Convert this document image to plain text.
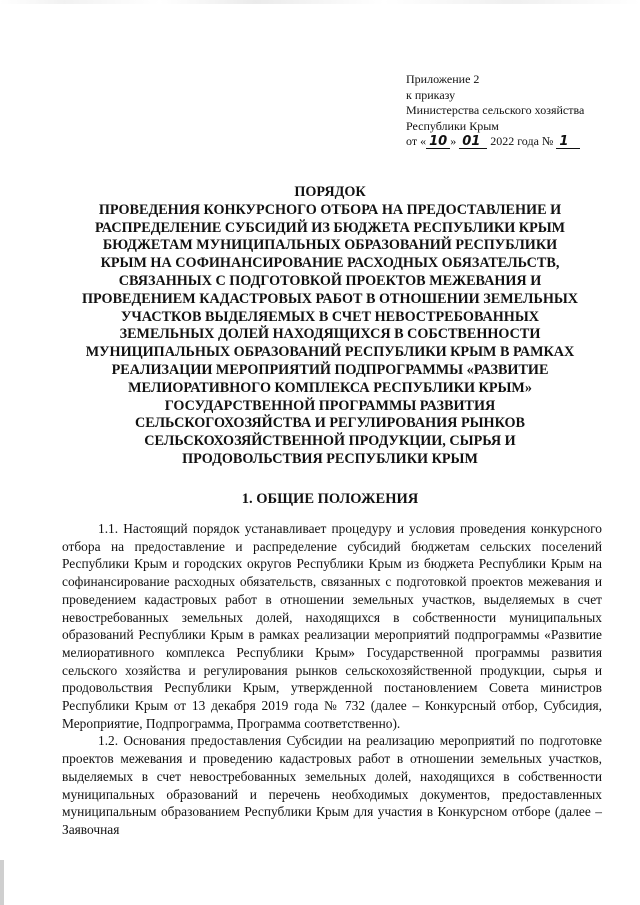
Приложение 2
к приказу
Министерства сельского хозяйства
Республики Крым
от « 10 » 01 2022 года № 1
ПОРЯДОК
ПРОВЕДЕНИЯ КОНКУРСНОГО ОТБОРА НА ПРЕДОСТАВЛЕНИЕ И
РАСПРЕДЕЛЕНИЕ СУБСИДИЙ ИЗ БЮДЖЕТА РЕСПУБЛИКИ КРЫМ
БЮДЖЕТАМ МУНИЦИПАЛЬНЫХ ОБРАЗОВАНИЙ РЕСПУБЛИКИ
КРЫМ НА СОФИНАНСИРОВАНИЕ РАСХОДНЫХ ОБЯЗАТЕЛЬСТВ,
СВЯЗАННЫХ С ПОДГОТОВКОЙ ПРОЕКТОВ МЕЖЕВАНИЯ И
ПРОВЕДЕНИЕМ КАДАСТРОВЫХ РАБОТ В ОТНОШЕНИИ ЗЕМЕЛЬНЫХ
УЧАСТКОВ ВЫДЕЛЯЕМЫХ В СЧЕТ НЕВОСТРЕБОВАННЫХ
ЗЕМЕЛЬНЫХ ДОЛЕЙ НАХОДЯЩИХСЯ В СОБСТВЕННОСТИ
МУНИЦИПАЛЬНЫХ ОБРАЗОВАНИЙ РЕСПУБЛИКИ КРЫМ В РАМКАХ
РЕАЛИЗАЦИИ МЕРОПРИЯТИЙ ПОДПРОГРАММЫ «РАЗВИТИЕ
МЕЛИОРАТИВНОГО КОМПЛЕКСА РЕСПУБЛИКИ КРЫМ»
ГОСУДАРСТВЕННОЙ ПРОГРАММЫ РАЗВИТИЯ
СЕЛЬСКОГОХОЗЯЙСТВА И РЕГУЛИРОВАНИЯ РЫНКОВ
СЕЛЬСКОХОЗЯЙСТВЕННОЙ ПРОДУКЦИИ, СЫРЬЯ И
ПРОДОВОЛЬСТВИЯ РЕСПУБЛИКИ КРЫМ
1. ОБЩИЕ ПОЛОЖЕНИЯ

1.1. Настоящий порядок устанавливает процедуру и условия проведения конкурсного отбора на предоставление и распределение субсидий бюджетам сельских поселений Республики Крым и городских округов Республики Крым из бюджета Республики Крым на софинансирование расходных обязательств, связанных с подготовкой проектов межевания и проведением кадастровых работ в отношении земельных участков, выделяемых в счет невостребованных земельных долей, находящихся в собственности муниципальных образований Республики Крым в рамках реализации мероприятий подпрограммы «Развитие мелиоративного комплекса Республики Крым» Государственной программы развития сельского хозяйства и регулирования рынков сельскохозяйственной продукции, сырья и продовольствия Республики Крым, утвержденной постановлением Совета министров Республики Крым от 13 декабря 2019 года № 732 (далее – Конкурсный отбор, Субсидия, Мероприятие, Подпрограмма, Программа соответственно).

1.2. Основания предоставления Субсидии на реализацию мероприятий по подготовке проектов межевания и проведению кадастровых работ в отношении земельных участков, выделяемых в счет невостребованных земельных долей, находящихся в собственности муниципальных образований и перечень необходимых документов, предоставленных муниципальным образованием Республики Крым для участия в Конкурсном отборе (далее – Заявочная
